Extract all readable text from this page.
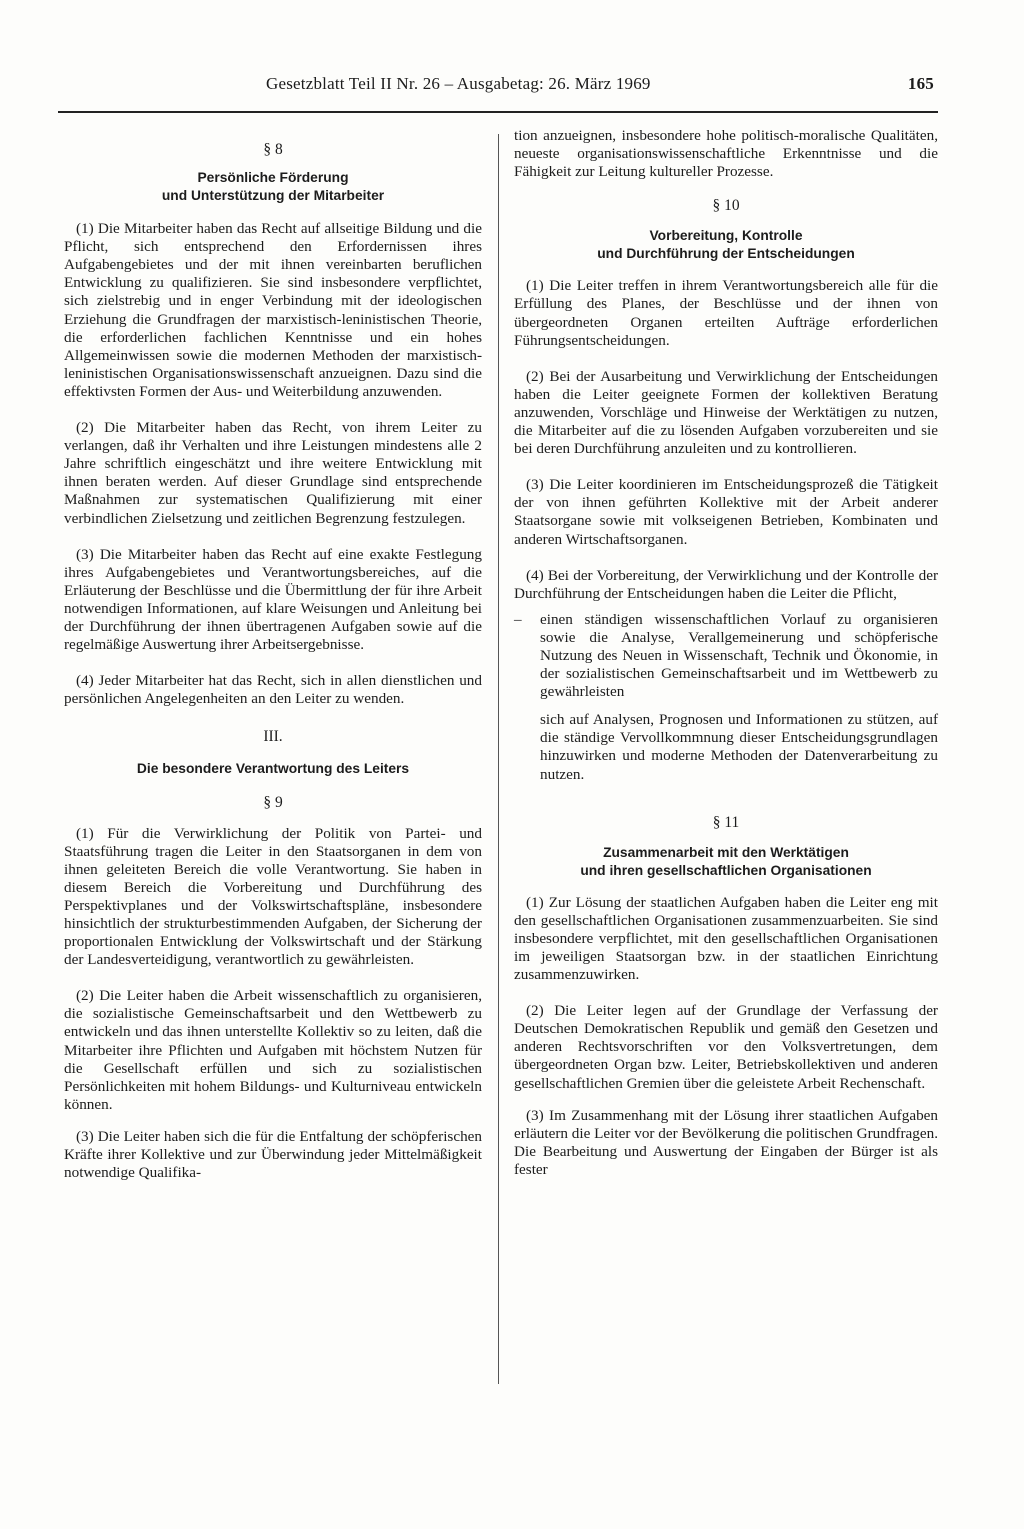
Gesetzblatt Teil II Nr. 26 – Ausgabetag: 26. März 1969	165

§ 8

Persönliche Förderung

und Unterstützung der Mitarbeiter

(1) Die Mitarbeiter haben das Recht auf allseitige Bildung und die Pflicht, sich entsprechend den Erfordernissen ihres Aufgabengebietes und der mit ihnen vereinbarten beruflichen Entwicklung zu qualifizieren. Sie sind insbesondere verpflichtet, sich zielstrebig und in enger Verbindung mit der ideologischen Erziehung die Grundfragen der marxistisch-leninistischen Theorie, die erforderlichen fachlichen Kenntnisse und ein hohes Allgemeinwissen sowie die modernen Methoden der marxistisch-leninistischen Organisationswissenschaft anzueignen. Dazu sind die effektivsten Formen der Aus- und Weiterbildung anzuwenden.

(2) Die Mitarbeiter haben das Recht, von ihrem Leiter zu verlangen, daß ihr Verhalten und ihre Leistungen mindestens alle 2 Jahre schriftlich eingeschätzt und ihre weitere Entwicklung mit ihnen beraten werden. Auf dieser Grundlage sind entsprechende Maßnahmen zur systematischen Qualifizierung mit einer verbindlichen Zielsetzung und zeitlichen Begrenzung festzulegen.

(3) Die Mitarbeiter haben das Recht auf eine exakte Festlegung ihres Aufgabengebietes und Verantwortungsbereiches, auf die Erläuterung der Beschlüsse und die Übermittlung der für ihre Arbeit notwendigen Informationen, auf klare Weisungen und Anleitung bei der Durchführung der ihnen übertragenen Aufgaben sowie auf die regelmäßige Auswertung ihrer Arbeitsergebnisse.

(4) Jeder Mitarbeiter hat das Recht, sich in allen dienstlichen und persönlichen Angelegenheiten an den Leiter zu wenden.

III.

Die besondere Verantwortung des Leiters

§ 9

(1) Für die Verwirklichung der Politik von Partei- und Staatsführung tragen die Leiter in den Staatsorganen in dem von ihnen geleiteten Bereich die volle Verantwortung. Sie haben in diesem Bereich die Vorbereitung und Durchführung des Perspektivplanes und der Volkswirtschaftspläne, insbesondere hinsichtlich der strukturbestimmenden Aufgaben, der Sicherung der proportionalen Entwicklung der Volkswirtschaft und der Stärkung der Landesverteidigung, verantwortlich zu gewährleisten.

(2) Die Leiter haben die Arbeit wissenschaftlich zu organisieren, die sozialistische Gemeinschaftsarbeit und den Wettbewerb zu entwickeln und das ihnen unterstellte Kollektiv so zu leiten, daß die Mitarbeiter ihre Pflichten und Aufgaben mit höchstem Nutzen für die Gesellschaft erfüllen und sich zu sozialistischen Persönlichkeiten mit hohem Bildungs- und Kulturniveau entwickeln können.

(3) Die Leiter haben sich die für die Entfaltung der schöpferischen Kräfte ihrer Kollektive und zur Überwindung jeder Mittelmäßigkeit notwendige Qualifika-

tion anzueignen, insbesondere hohe politisch-moralische Qualitäten, neueste organisationswissenschaftliche Erkenntnisse und die Fähigkeit zur Leitung kultureller Prozesse.

§ 10

Vorbereitung, Kontrolle

und Durchführung der Entscheidungen

(1) Die Leiter treffen in ihrem Verantwortungsbereich alle für die Erfüllung des Planes, der Beschlüsse und der ihnen von übergeordneten Organen erteilten Aufträge erforderlichen Führungsentscheidungen.

(2) Bei der Ausarbeitung und Verwirklichung der Entscheidungen haben die Leiter geeignete Formen der kollektiven Beratung anzuwenden, Vorschläge und Hinweise der Werktätigen zu nutzen, die Mitarbeiter auf die zu lösenden Aufgaben vorzubereiten und sie bei deren Durchführung anzuleiten und zu kontrollieren.

(3) Die Leiter koordinieren im Entscheidungsprozeß die Tätigkeit der von ihnen geführten Kollektive mit der Arbeit anderer Staatsorgane sowie mit volkseigenen Betrieben, Kombinaten und anderen Wirtschaftsorganen.

(4) Bei der Vorbereitung, der Verwirklichung und der Kontrolle der Durchführung der Entscheidungen haben die Leiter die Pflicht,

– einen ständigen wissenschaftlichen Vorlauf zu organisieren sowie die Analyse, Verallgemeinerung und schöpferische Nutzung des Neuen in Wissenschaft, Technik und Ökonomie, in der sozialistischen Gemeinschaftsarbeit und im Wettbewerb zu gewährleisten

sich auf Analysen, Prognosen und Informationen zu stützen, auf die ständige Vervollkommnung dieser Entscheidungsgrundlagen hinzuwirken und moderne Methoden der Datenverarbeitung zu nutzen.

§ 11

Zusammenarbeit mit den Werktätigen

und ihren gesellschaftlichen Organisationen

(1) Zur Lösung der staatlichen Aufgaben haben die Leiter eng mit den gesellschaftlichen Organisationen zusammenzuarbeiten. Sie sind insbesondere verpflichtet, mit den gesellschaftlichen Organisationen im jeweiligen Staatsorgan bzw. in der staatlichen Einrichtung zusammenzuwirken.

(2) Die Leiter legen auf der Grundlage der Verfassung der Deutschen Demokratischen Republik und gemäß den Gesetzen und anderen Rechtsvorschriften vor den Volksvertretungen, dem übergeordneten Organ bzw. Leiter, Betriebskollektiven und anderen gesellschaftlichen Gremien über die geleistete Arbeit Rechenschaft.

(3) Im Zusammenhang mit der Lösung ihrer staatlichen Aufgaben erläutern die Leiter vor der Bevölkerung die politischen Grundfragen. Die Bearbeitung und Auswertung der Eingaben der Bürger ist als fester
